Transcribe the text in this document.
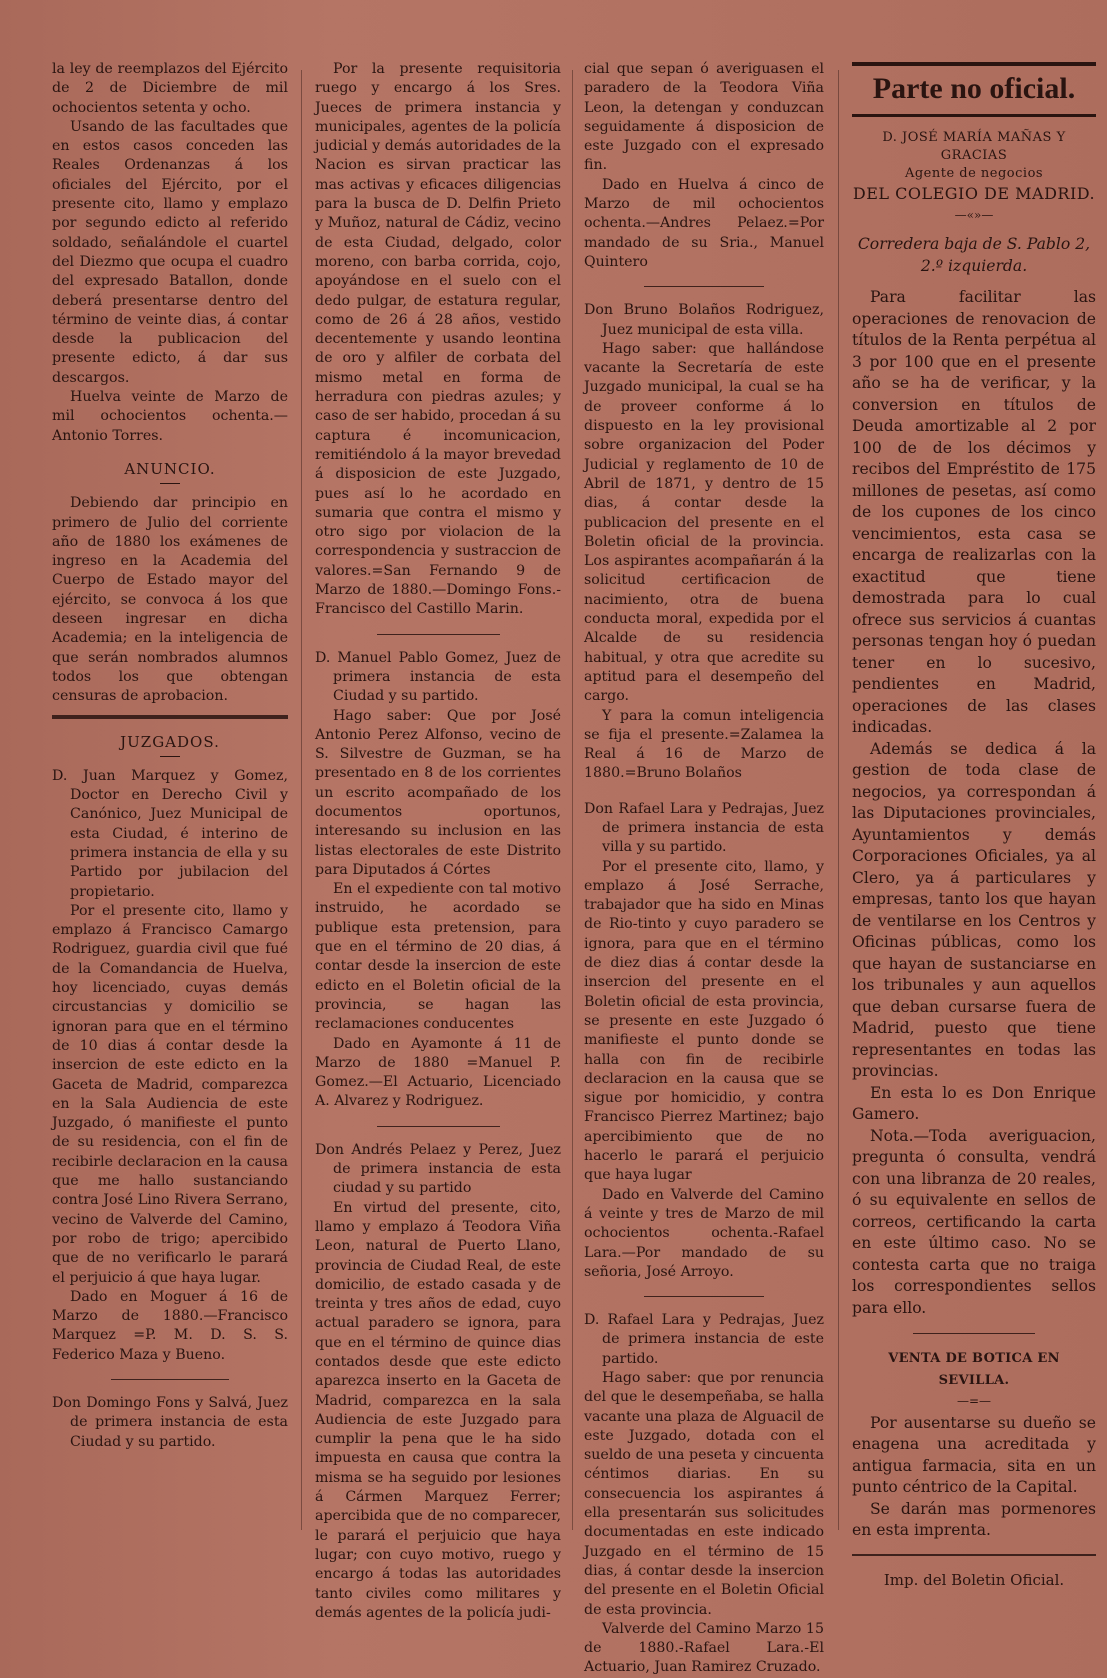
la ley de reemplazos del Ejército de 2 de Diciembre de mil ochocientos setenta y ocho.

Usando de las facultades que en estos casos conceden las Reales Ordenanzas á los oficiales del Ejército, por el presente cito, llamo y emplazo por segundo edicto al referido soldado, señalándole el cuartel del Diezmo que ocupa el cuadro del expresado Batallon, donde deberá presentarse dentro del término de veinte dias, á contar desde la publicacion del presente edicto, á dar sus descargos.

Huelva veinte de Marzo de mil ochocientos ochenta.—Antonio Torres.

ANUNCIO.

Debiendo dar principio en primero de Julio del corriente año de 1880 los exámenes de ingreso en la Academia del Cuerpo de Estado mayor del ejército, se convoca á los que deseen ingresar en dicha Academia; en la inteligencia de que serán nombrados alumnos todos los que obtengan censuras de aprobacion.

JUZGADOS.

D. Juan Marquez y Gomez, Doctor en Derecho Civil y Canónico, Juez Municipal de esta Ciudad, é interino de primera instancia de ella y su Partido por jubilacion del propietario.

Por el presente cito, llamo y emplazo á Francisco Camargo Rodriguez, guardia civil que fué de la Comandancia de Huelva, hoy licenciado, cuyas demás circustancias y domicilio se ignoran para que en el término de 10 dias á contar desde la insercion de este edicto en la Gaceta de Madrid, comparezca en la Sala Audiencia de este Juzgado, ó manifieste el punto de su residencia, con el fin de recibirle declaracion en la causa que me hallo sustanciando contra José Lino Rivera Serrano, vecino de Valverde del Camino, por robo de trigo; apercibido que de no verificarlo le parará el perjuicio á que haya lugar.

Dado en Moguer á 16 de Marzo de 1880.—Francisco Marquez =P. M. D. S. S. Federico Maza y Bueno.

Don Domingo Fons y Salvá, Juez de primera instancia de esta Ciudad y su partido.

Por la presente requisitoria ruego y encargo á los Sres. Jueces de primera instancia y municipales, agentes de la policía judicial y demás autoridades de la Nacion es sirvan practicar las mas activas y eficaces diligencias para la busca de D. Delfin Prieto y Muñoz, natural de Cádiz, vecino de esta Ciudad, delgado, color moreno, con barba corrida, cojo, apoyándose en el suelo con el dedo pulgar, de estatura regular, como de 26 á 28 años, vestido decentemente y usando leontina de oro y alfiler de corbata del mismo metal en forma de herradura con piedras azules; y caso de ser habido, procedan á su captura é incomunicacion, remitiéndolo á la mayor brevedad á disposicion de este Juzgado, pues así lo he acordado en sumaria que contra el mismo y otro sigo por violacion de la correspondencia y sustraccion de valores.=San Fernando 9 de Marzo de 1880.—Domingo Fons.-Francisco del Castillo Marin.

D. Manuel Pablo Gomez, Juez de primera instancia de esta Ciudad y su partido.

Hago saber: Que por José Antonio Perez Alfonso, vecino de S. Silvestre de Guzman, se ha presentado en 8 de los corrientes un escrito acompañado de los documentos oportunos, interesando su inclusion en las listas electorales de este Distrito para Diputados á Córtes

En el expediente con tal motivo instruido, he acordado se publique esta pretension, para que en el término de 20 dias, á contar desde la insercion de este edicto en el Boletin oficial de la provincia, se hagan las reclamaciones conducentes

Dado en Ayamonte á 11 de Marzo de 1880 =Manuel P. Gomez.—El Actuario, Licenciado A. Alvarez y Rodriguez.

Don Andrés Pelaez y Perez, Juez de primera instancia de esta ciudad y su partido

En virtud del presente, cito, llamo y emplazo á Teodora Viña Leon, natural de Puerto Llano, provincia de Ciudad Real, de este domicilio, de estado casada y de treinta y tres años de edad, cuyo actual paradero se ignora, para que en el término de quince dias contados desde que este edicto aparezca inserto en la Gaceta de Madrid, comparezca en la sala Audiencia de este Juzgado para cumplir la pena que le ha sido impuesta en causa que contra la misma se ha seguido por lesiones á Cármen Marquez Ferrer; apercibida que de no comparecer, le parará el perjuicio que haya lugar; con cuyo motivo, ruego y encargo á todas las autoridades tanto civiles como militares y demás agentes de la policía judi-

cial que sepan ó averiguasen el paradero de la Teodora Viña Leon, la detengan y conduzcan seguidamente á disposicion de este Juzgado con el expresado fin.

Dado en Huelva á cinco de Marzo de mil ochocientos ochenta.—Andres Pelaez.=Por mandado de su Sria., Manuel Quintero

Don Bruno Bolaños Rodriguez, Juez municipal de esta villa.

Hago saber: que hallándose vacante la Secretaría de este Juzgado municipal, la cual se ha de proveer conforme á lo dispuesto en la ley provisional sobre organizacion del Poder Judicial y reglamento de 10 de Abril de 1871, y dentro de 15 dias, á contar desde la publicacion del presente en el Boletin oficial de la provincia. Los aspirantes acompañarán á la solicitud certificacion de nacimiento, otra de buena conducta moral, expedida por el Alcalde de su residencia habitual, y otra que acredite su aptitud para el desempeño del cargo.

Y para la comun inteligencia se fija el presente.=Zalamea la Real á 16 de Marzo de 1880.=Bruno Bolaños

Don Rafael Lara y Pedrajas, Juez de primera instancia de esta villa y su partido.

Por el presente cito, llamo, y emplazo á José Serrache, trabajador que ha sido en Minas de Rio-tinto y cuyo paradero se ignora, para que en el término de diez dias á contar desde la insercion del presente en el Boletin oficial de esta provincia, se presente en este Juzgado ó manifieste el punto donde se halla con fin de recibirle declaracion en la causa que se sigue por homicidio, y contra Francisco Pierrez Martinez; bajo apercibimiento que de no hacerlo le parará el perjuicio que haya lugar

Dado en Valverde del Camino á veinte y tres de Marzo de mil ochocientos ochenta.-Rafael Lara.—Por mandado de su señoria, José Arroyo.

D. Rafael Lara y Pedrajas, Juez de primera instancia de este partido.

Hago saber: que por renuncia del que le desempeñaba, se halla vacante una plaza de Alguacil de este Juzgado, dotada con el sueldo de una peseta y cincuenta céntimos diarias. En su consecuencia los aspirantes á ella presentarán sus solicitudes documentadas en este indicado Juzgado en el término de 15 dias, á contar desde la insercion del presente en el Boletin Oficial de esta provincia.

Valverde del Camino Marzo 15 de 1880.-Rafael Lara.-El Actuario, Juan Ramirez Cruzado.

Parte no oficial.
D. JOSÉ MARÍA MAÑAS Y GRACIAS
Agente de negocios
DEL COLEGIO DE MADRID.
—«»—
Corredera baja de S. Pablo 2, 2.º izquierda.

Para facilitar las operaciones de renovacion de títulos de la Renta perpétua al 3 por 100 que en el presente año se ha de verificar, y la conversion en títulos de Deuda amortizable al 2 por 100 de de los décimos y recibos del Empréstito de 175 millones de pesetas, así como de los cupones de los cinco vencimientos, esta casa se encarga de realizarlas con la exactitud que tiene demostrada para lo cual ofrece sus servicios á cuantas personas tengan hoy ó puedan tener en lo sucesivo, pendientes en Madrid, operaciones de las clases indicadas.

Además se dedica á la gestion de toda clase de negocios, ya correspondan á las Diputaciones provinciales, Ayuntamientos y demás Corporaciones Oficiales, ya al Clero, ya á particulares y empresas, tanto los que hayan de ventilarse en los Centros y Oficinas públicas, como los que hayan de sustanciarse en los tribunales y aun aquellos que deban cursarse fuera de Madrid, puesto que tiene representantes en todas las provincias.

En esta lo es Don Enrique Gamero.

Nota.—Toda averiguacion, pregunta ó consulta, vendrá con una libranza de 20 reales, ó su equivalente en sellos de correos, certificando la carta en este último caso. No se contesta carta que no traiga los correspondientes sellos para ello.

VENTA DE BOTICA EN SEVILLA.
—=—

Por ausentarse su dueño se enagena una acreditada y antigua farmacia, sita en un punto céntrico de la Capital.

Se darán mas pormenores en esta imprenta.

Imp. del Boletin Oficial.
